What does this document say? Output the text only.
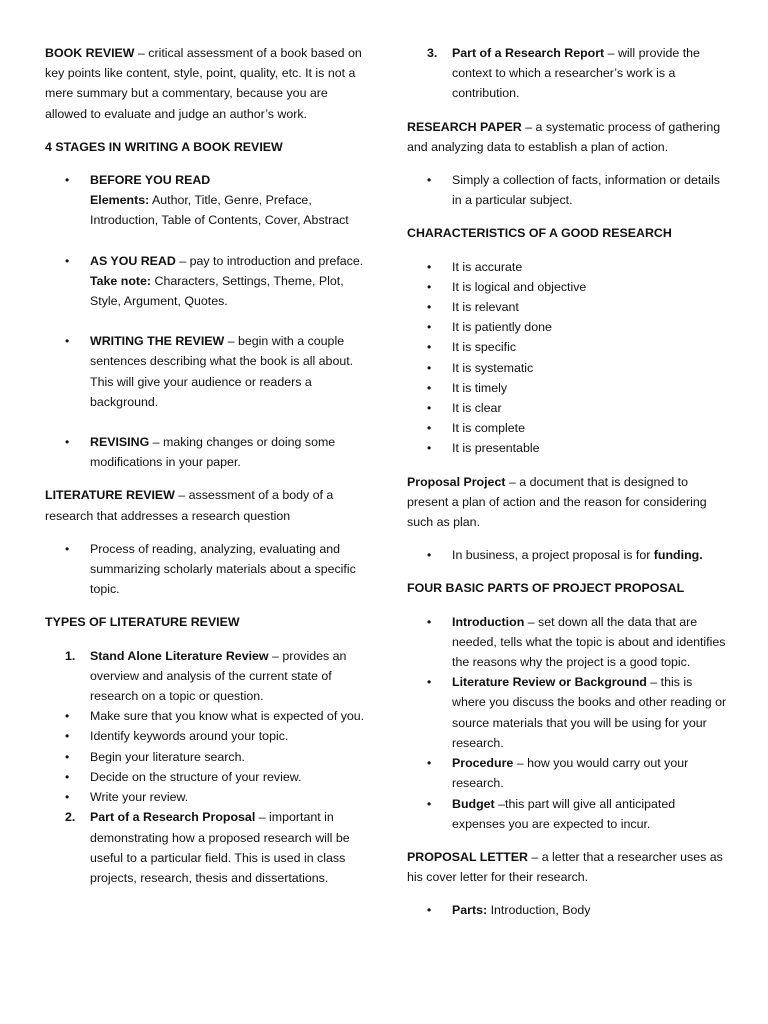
BOOK REVIEW – critical assessment of a book based on key points like content, style, point, quality, etc. It is not a mere summary but a commentary, because you are allowed to evaluate and judge an author’s work.

4 STAGES IN WRITING A BOOK REVIEW
•	BEFORE YOU READ
Elements: Author, Title, Genre, Preface, Introduction, Table of Contents, Cover, Abstract
•	AS YOU READ – pay to introduction and preface.
Take note: Characters, Settings, Theme, Plot, Style, Argument, Quotes.
•	WRITING THE REVIEW – begin with a couple sentences describing what the book is all about. This will give your audience or readers a background.
•	REVISING – making changes or doing some modifications in your paper.

LITERATURE REVIEW – assessment of a body of a research that addresses a research question

•	Process of reading, analyzing, evaluating and summarizing scholarly materials about a specific topic.
TYPES OF LITERATURE REVIEW
1.	Stand Alone Literature Review – provides an overview and analysis of the current state of research on a topic or question.
•	Make sure that you know what is expected of you.
•	Identify keywords around your topic.
•	Begin your literature search.
•	Decide on the structure of your review.
•	Write your review.
2.	Part of a Research Proposal – important in demonstrating how a proposed research will be useful to a particular field. This is used in class projects, research, thesis and dissertations.
3.	Part of a Research Report – will provide the context to which a researcher’s work is a contribution.

RESEARCH PAPER – a systematic process of gathering and analyzing data to establish a plan of action.

•	Simply a collection of facts, information or details in a particular subject.
CHARACTERISTICS OF A GOOD RESEARCH
•	It is accurate
•	It is logical and objective
•	It is relevant
•	It is patiently done
•	It is specific
•	It is systematic
•	It is timely
•	It is clear
•	It is complete
•	It is presentable

Proposal Project – a document that is designed to present a plan of action and the reason for considering such as plan.

•	In business, a project proposal is for funding.
FOUR BASIC PARTS OF PROJECT PROPOSAL
•	Introduction – set down all the data that are needed, tells what the topic is about and identifies the reasons why the project is a good topic.
•	Literature Review or Background – this is where you discuss the books and other reading or source materials that you will be using for your research.
•	Procedure – how you would carry out your research.
•	Budget –this part will give all anticipated expenses you are expected to incur.

PROPOSAL LETTER – a letter that a researcher uses as his cover letter for their research.

•	Parts: Introduction, Body
